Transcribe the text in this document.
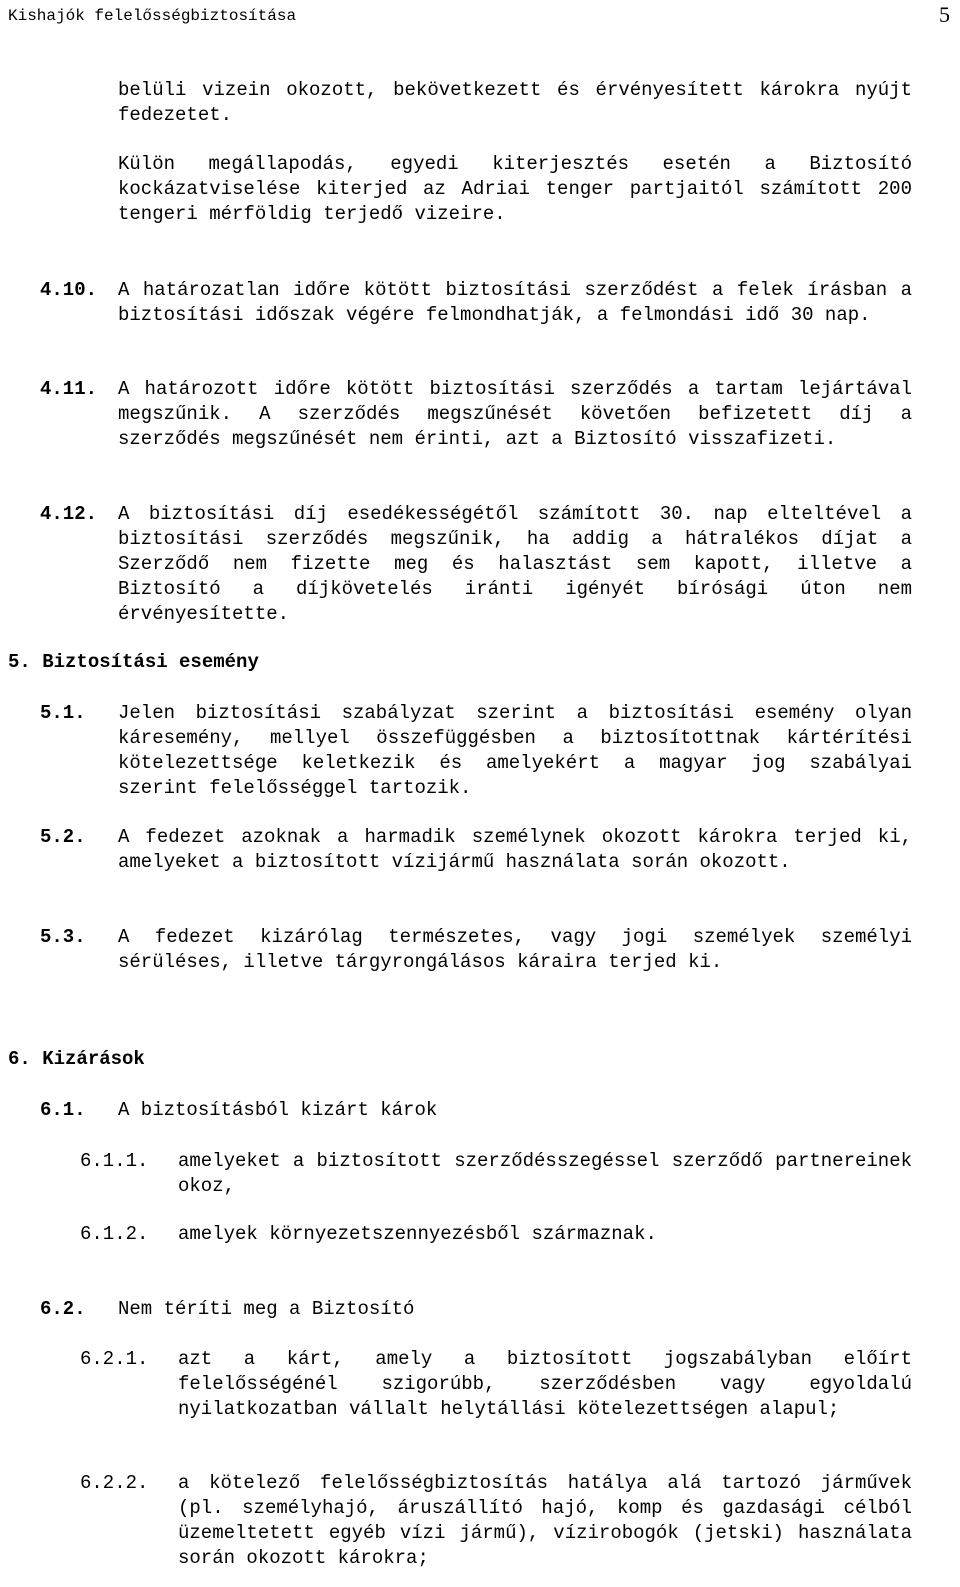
Kishajók felelősségbiztosítása	5
belüli vizein okozott, bekövetkezett és érvényesített károkra nyújt fedezetet.
Külön megállapodás, egyedi kiterjesztés esetén a Biztosító kockázatviselése kiterjed az Adriai tenger partjaitól számított 200 tengeri mérföldig terjedő vizeire.
4.10. A határozatlan időre kötött biztosítási szerződést a felek írásban a biztosítási időszak végére felmondhatják, a felmondási idő 30 nap.
4.11. A határozott időre kötött biztosítási szerződés a tartam lejártával megszűnik. A szerződés megszűnését követően befizetett díj a szerződés megszűnését nem érinti, azt a Biztosító visszafizeti.
4.12. A biztosítási díj esedékességétől számított 30. nap elteltével a biztosítási szerződés megszűnik, ha addig a hátralékos díjat a Szerződő nem fizette meg és halasztást sem kapott, illetve a Biztosító a díjkövetelés iránti igényét bírósági úton nem érvényesítette.
5. Biztosítási esemény
5.1. Jelen biztosítási szabályzat szerint a biztosítási esemény olyan káresemény, mellyel összefüggésben a biztosítottnak kártérítési kötelezettsége keletkezik és amelyekért a magyar jog szabályai szerint felelősséggel tartozik.
5.2. A fedezet azoknak a harmadik személynek okozott károkra terjed ki, amelyeket a biztosított vízijármű használata során okozott.
5.3. A fedezet kizárólag természetes, vagy jogi személyek személyi sérüléses, illetve tárgyrongálásos káraira terjed ki.
6. Kizárások
6.1. A biztosításból kizárt károk
6.1.1. amelyeket a biztosított szerződésszegéssel szerződő partnereinek okoz,
6.1.2. amelyek környezetszennyezésből származnak.
6.2. Nem téríti meg a Biztosító
6.2.1. azt a kárt, amely a biztosított jogszabályban előírt felelősségénél szigorúbb, szerződésben vagy egyoldalú nyilatkozatban vállalt helytállási kötelezettségen alapul;
6.2.2. a kötelező felelősségbiztosítás hatálya alá tartozó járművek (pl. személyhajó, áruszállító hajó, komp és gazdasági célból üzemeltetett egyéb vízi jármű), vízirobogók (jetski) használata során okozott károkra;
